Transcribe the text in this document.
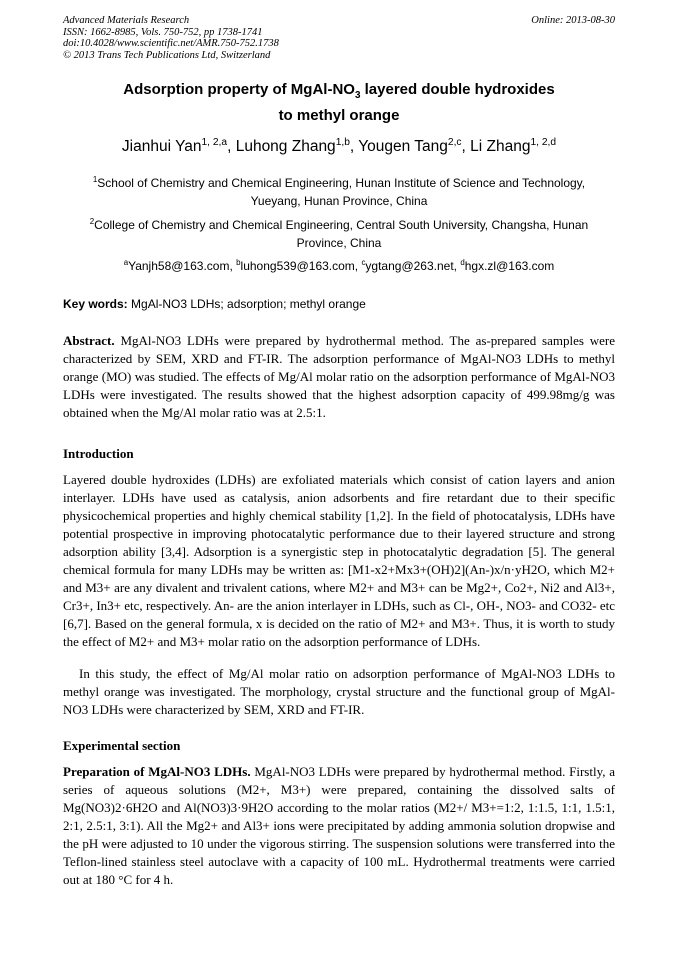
Advanced Materials Research
ISSN: 1662-8985, Vols. 750-752, pp 1738-1741
doi:10.4028/www.scientific.net/AMR.750-752.1738
© 2013 Trans Tech Publications Ltd, Switzerland
Online: 2013-08-30
Adsorption property of MgAl-$NO_3$ layered double hydroxides
to methyl orange
Jianhui Yan$^{1, 2,a}$, Luhong Zhang$^{1,b}$, Yougen Tang$^{2,c}$, Li Zhang$^{1, 2,d}$
$^1$School of Chemistry and Chemical Engineering, Hunan Institute of Science and Technology, Yueyang, Hunan Province, China
$^2$College of Chemistry and Chemical Engineering, Central South University, Changsha, Hunan Province, China
$^a$Yanjh58@163.com, $^b$luhong539@163.com, $^c$ygtang@263.net, $^d$hgx.zl@163.com
Key words: MgAl-NO3 LDHs; adsorption; methyl orange
Abstract. MgAl-NO3 LDHs were prepared by hydrothermal method. The as-prepared samples were characterized by SEM, XRD and FT-IR. The adsorption performance of MgAl-NO3 LDHs to methyl orange (MO) was studied. The effects of Mg/Al molar ratio on the adsorption performance of MgAl-NO3 LDHs were investigated. The results showed that the highest adsorption capacity of 499.98mg/g was obtained when the Mg/Al molar ratio was at 2.5:1.
Introduction
Layered double hydroxides (LDHs) are exfoliated materials which consist of cation layers and anion interlayer. LDHs have used as catalysis, anion adsorbents and fire retardant due to their specific physicochemical properties and highly chemical stability [1,2]. In the field of photocatalysis, LDHs have potential prospective in improving photocatalytic performance due to their layered structure and strong adsorption ability [3,4]. Adsorption is a synergistic step in photocatalytic degradation [5]. The general chemical formula for many LDHs may be written as: [M1-x2+Mx3+(OH)2](An-)x/n·yH2O, which M2+ and M3+ are any divalent and trivalent cations, where M2+ and M3+ can be Mg2+, Co2+, Ni2 and Al3+, Cr3+, In3+ etc, respectively. An- are the anion interlayer in LDHs, such as Cl-, OH-, NO3- and CO32- etc [6,7]. Based on the general formula, x is decided on the ratio of M2+ and M3+. Thus, it is worth to study the effect of M2+ and M3+ molar ratio on the adsorption performance of LDHs.
In this study, the effect of Mg/Al molar ratio on adsorption performance of MgAl-NO3 LDHs to methyl orange was investigated. The morphology, crystal structure and the functional group of MgAl-NO3 LDHs were characterized by SEM, XRD and FT-IR.
Experimental section
Preparation of MgAl-NO3 LDHs. MgAl-NO3 LDHs were prepared by hydrothermal method. Firstly, a series of aqueous solutions (M2+, M3+) were prepared, containing the dissolved salts of Mg(NO3)2·6H2O and Al(NO3)3·9H2O according to the molar ratios (M2+/ M3+=1:2, 1:1.5, 1:1, 1.5:1, 2:1, 2.5:1, 3:1). All the Mg2+ and Al3+ ions were precipitated by adding ammonia solution dropwise and the pH were adjusted to 10 under the vigorous stirring. The suspension solutions were transferred into the Teflon-lined stainless steel autoclave with a capacity of 100 mL. Hydrothermal treatments were carried out at 180 °C for 4 h.
